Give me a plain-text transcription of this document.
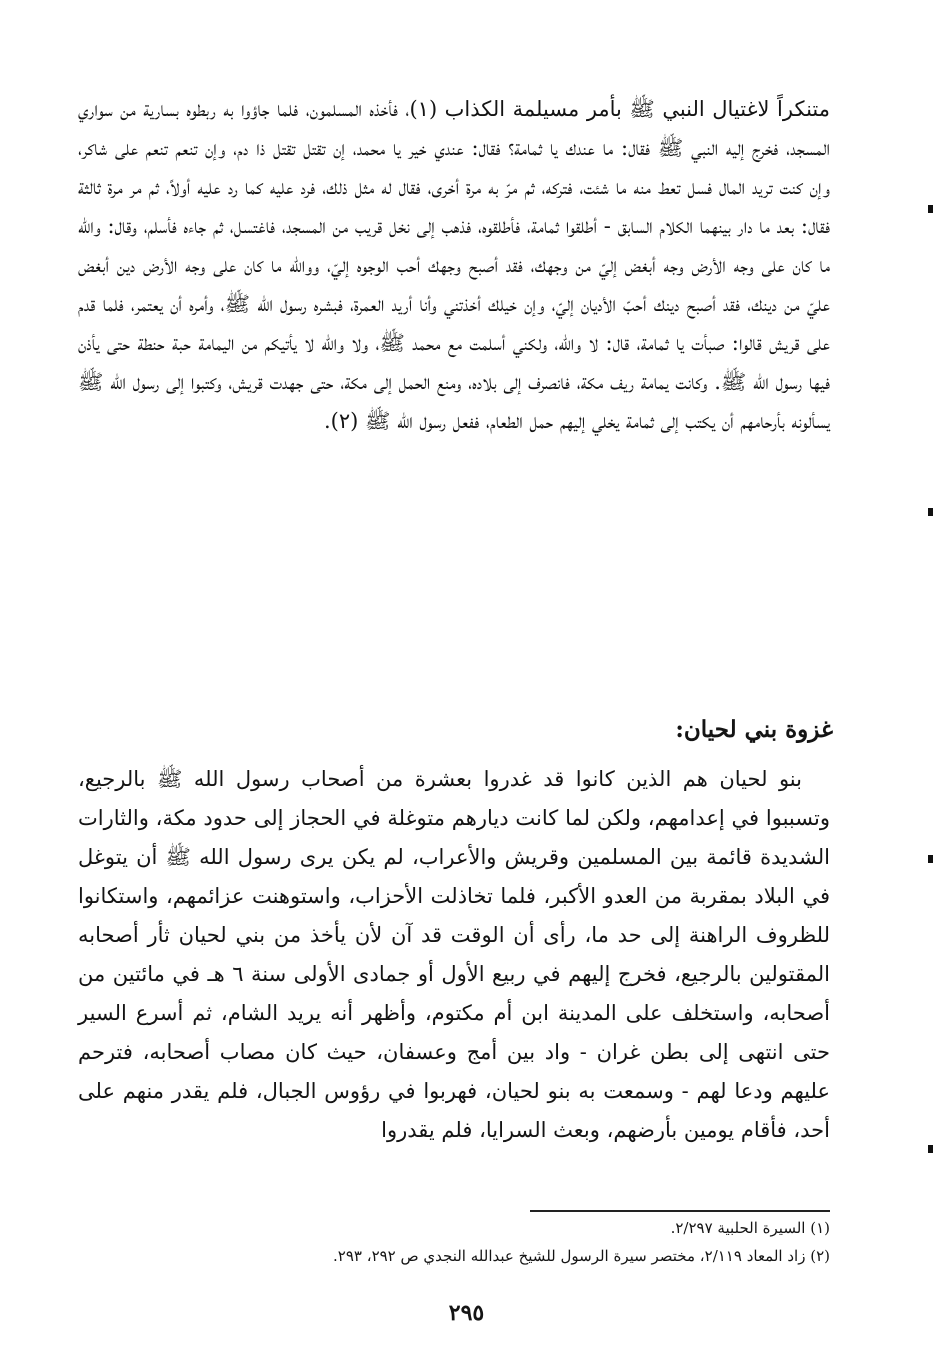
متنكراً لاغتيال النبي ﷺ بأمر مسيلمة الكذاب (١)، فأخذه المسلمون، فلما جاؤوا به ربطوه بسارية من سواري المسجد، فخرج إليه النبي ﷺ فقال: ما عندك يا ثمامة؟ فقال: عندي خير يا محمد، إن تقتل تقتل ذا دم، وإن تنعم تنعم على شاكر، وإن كنت تريد المال فسل تعط منه ما شئت، فتركه، ثم مرّ به مرة أخرى، فقال له مثل ذلك، فرد عليه كما رد عليه أولاً، ثم مر مرة ثالثة فقال: بعد ما دار بينهما الكلام السابق - أطلقوا ثمامة، فأطلقوه، فذهب إلى نخل قريب من المسجد، فاغتسل، ثم جاءه فأسلم، وقال: والله ما كان على وجه الأرض وجه أبغض إليّ من وجهك، فقد أصبح وجهك أحب الوجوه إليّ، ووالله ما كان على وجه الأرض دين أبغض عليّ من دينك، فقد أصبح دينك أحبّ الأديان إليّ، وإن خيلك أخذتني وأنا أريد العمرة، فبشره رسول الله ﷺ، وأمره أن يعتمر، فلما قدم على قريش قالوا: صبأت يا ثمامة، قال: لا والله، ولكني أسلمت مع محمد ﷺ، ولا والله لا يأتيكم من اليمامة حبة حنطة حتى يأذن فيها رسول الله ﷺ. وكانت يمامة ريف مكة، فانصرف إلى بلاده، ومنع الحمل إلى مكة، حتى جهدت قريش، وكتبوا إلى رسول الله ﷺ يسألونه بأرحامهم أن يكتب إلى ثمامة يخلي إليهم حمل الطعام، ففعل رسول الله ﷺ (٢).

غزوة بني لحيان:

بنو لحيان هم الذين كانوا قد غدروا بعشرة من أصحاب رسول الله ﷺ بالرجيع، وتسببوا في إعدامهم، ولكن لما كانت ديارهم متوغلة في الحجاز إلى حدود مكة، والثارات الشديدة قائمة بين المسلمين وقريش والأعراب، لم يكن يرى رسول الله ﷺ أن يتوغل في البلاد بمقربة من العدو الأكبر، فلما تخاذلت الأحزاب، واستوهنت عزائمهم، واستكانوا للظروف الراهنة إلى حد ما، رأى أن الوقت قد آن لأن يأخذ من بني لحيان ثأر أصحابه المقتولين بالرجيع، فخرج إليهم في ربيع الأول أو جمادى الأولى سنة ٦ هـ في مائتين من أصحابه، واستخلف على المدينة ابن أم مكتوم، وأظهر أنه يريد الشام، ثم أسرع السير حتى انتهى إلى بطن غران - واد بين أمج وعسفان، حيث كان مصاب أصحابه، فترحم عليهم ودعا لهم - وسمعت به بنو لحيان، فهربوا في رؤوس الجبال، فلم يقدر منهم على أحد، فأقام يومين بأرضهم، وبعث السرايا، فلم يقدروا

(١) السيرة الحلبية ٢/٢٩٧.
(٢) زاد المعاد ٢/١١٩، مختصر سيرة الرسول للشيخ عبدالله النجدي ص ٢٩٢، ٢٩٣.
٢٩٥
